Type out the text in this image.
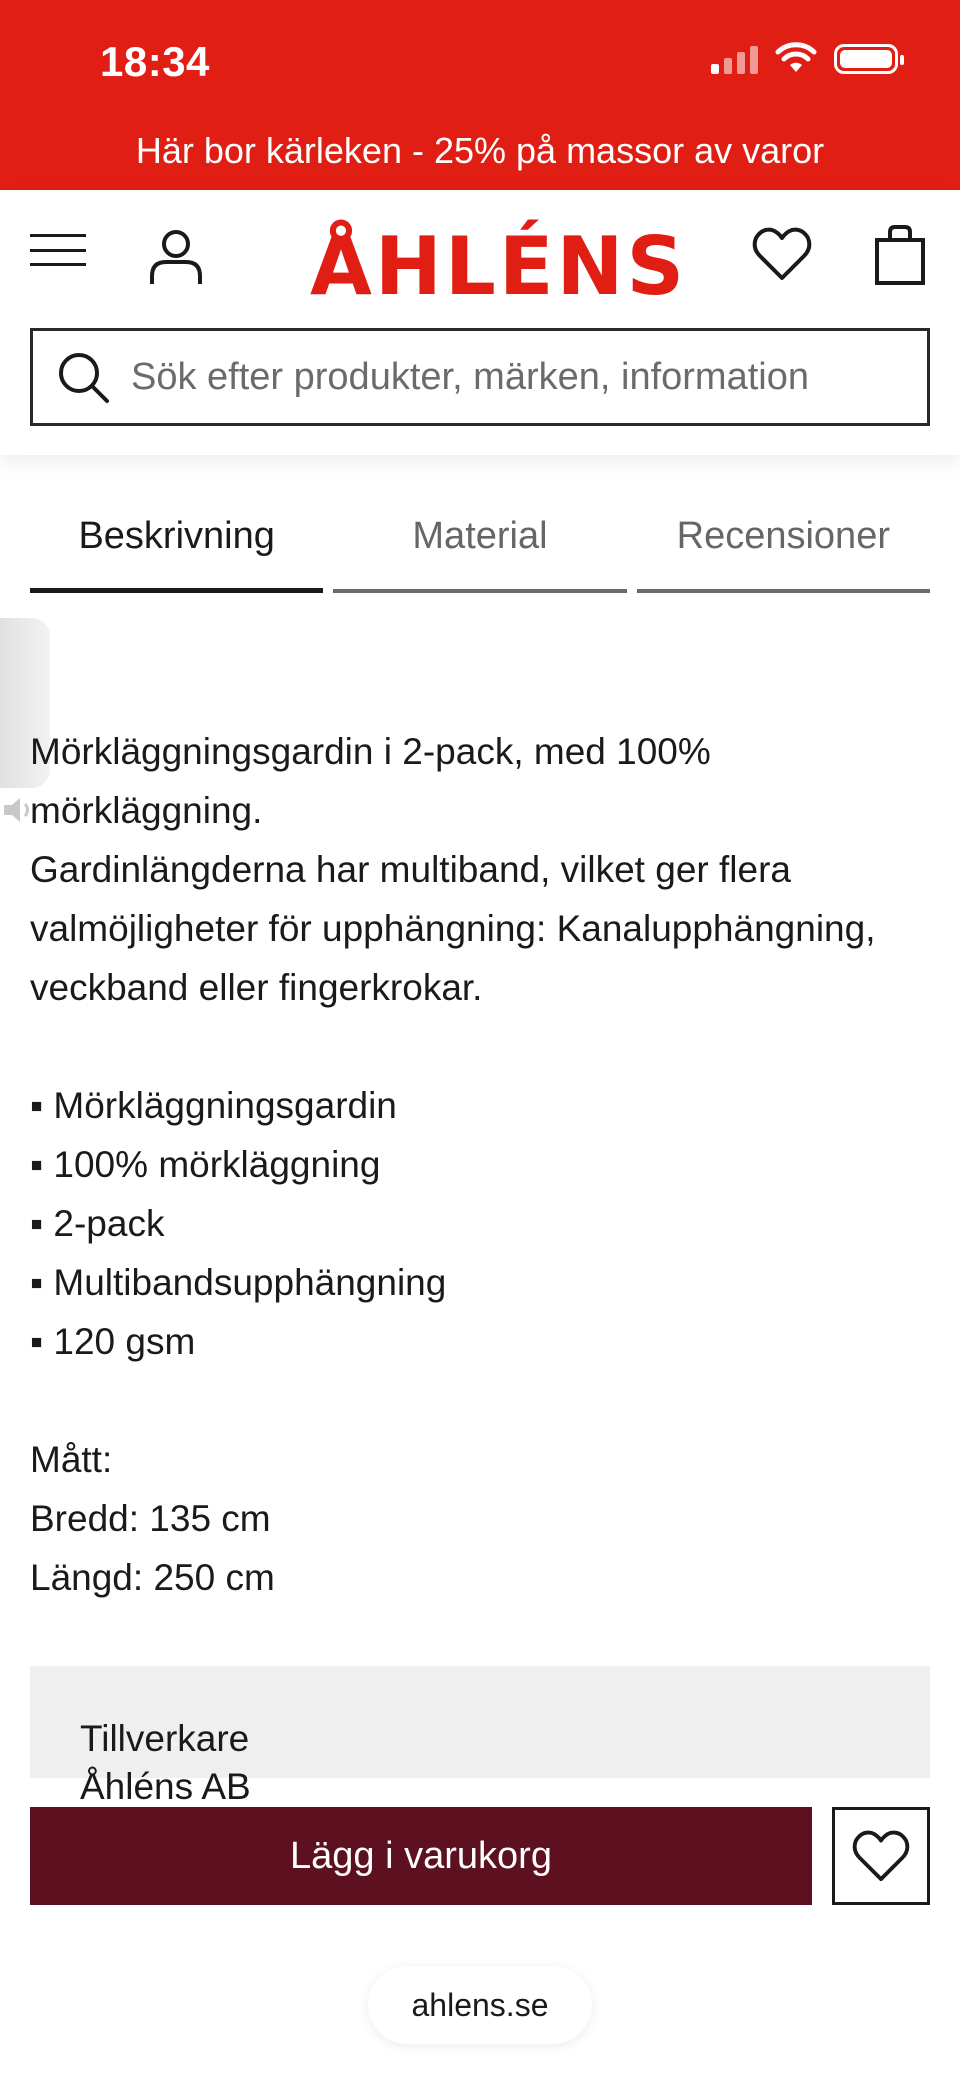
18:34
Här bor kärleken - 25% på massor av varor
ÅHLÉNS
Sök efter produkter, märken, information
Beskrivning	Material	Recensioner
Mörkläggningsgardin i 2-pack, med 100%
mörkläggning.
Gardinlängderna har multiband, vilket ger flera
valmöjligheter för upphängning: Kanalupphängning,
veckband eller fingerkrokar.
▪ Mörkläggningsgardin
▪ 100% mörkläggning
▪ 2-pack
▪ Multibandsupphängning
▪ 120 gsm
Mått:
Bredd: 135 cm
Längd: 250 cm
Tillverkare
Åhléns AB
Lägg i varukorg
ahlens.se
